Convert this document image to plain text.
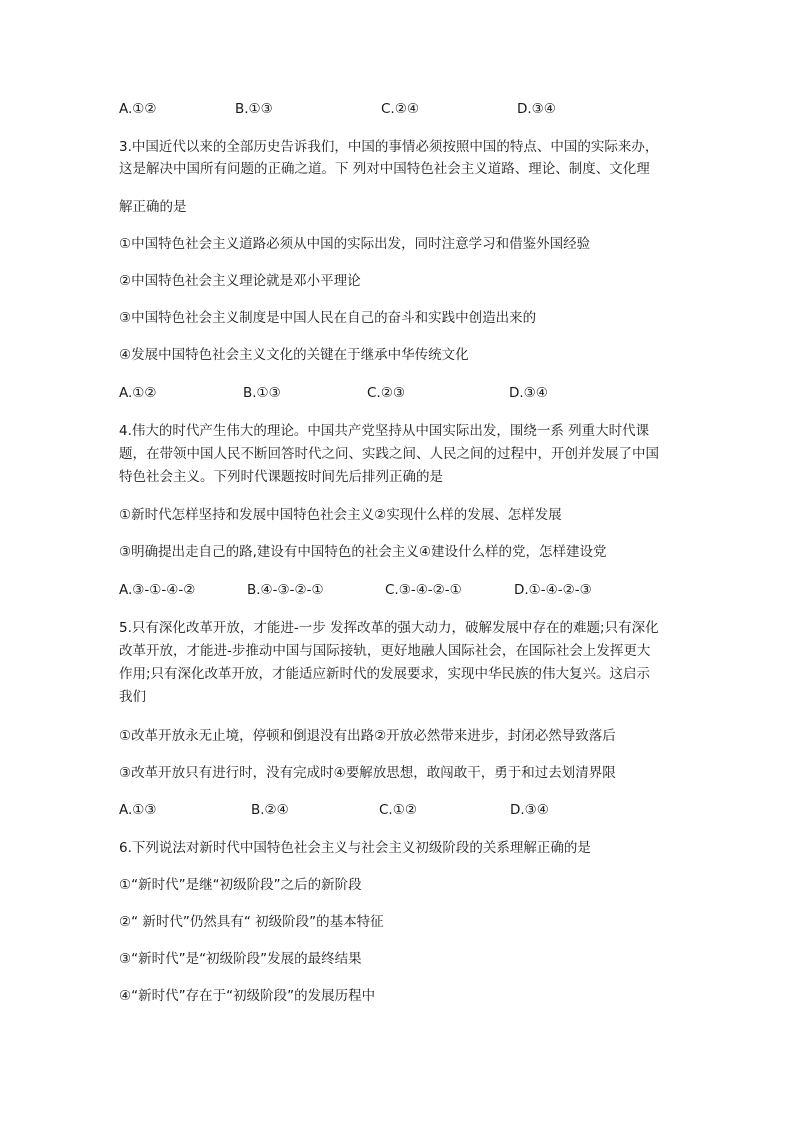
A.①②	B.①③	C.②④	D.③④
3.中国近代以来的全部历史告诉我们，中国的事情必须按照中国的特点、中国的实际来办，
这是解决中国所有问题的正确之道。下 列对中国特色社会主义道路、理论、制度、文化理
解正确的是
①中国特色社会主义道路必须从中国的实际出发，同时注意学习和借鉴外国经验
②中国特色社会主义理论就是邓小平理论
③中国特色社会主义制度是中国人民在自己的奋斗和实践中创造出来的
④发展中国特色社会主义文化的关键在于继承中华传统文化
A.①②	B.①③	C.②③	D.③④
4.伟大的时代产生伟大的理论。中国共产党坚持从中国实际出发，围绕一系 列重大时代课
题，在带领中国人民不断回答时代之问、实践之间、人民之间的过程中，开创并发展了中国
特色社会主义。下列时代课题按时间先后排列正确的是
①新时代怎样坚持和发展中国特色社会主义②实现什么样的发展、怎样发展
③明确提出走自己的路,建设有中国特色的社会主义④建设什么样的党，怎样建设党
A.③-①-④-②	B.④-③-②-①	C.③-④-②-①	D.①-④-②-③
5.只有深化改革开放，才能进-一步 发挥改革的强大动力，破解发展中存在的难题;只有深化
改革开放，才能进-步推动中国与国际接轨，更好地融人国际社会，在国际社会上发挥更大
作用;只有深化改革开放，才能适应新时代的发展要求，实现中华民族的伟大复兴。这启示
我们
①改革开放永无止境，停顿和倒退没有出路②开放必然带来进步，封闭必然导致落后
③改革开放只有进行时，没有完成时④要解放思想，敢闯敢干，勇于和过去划清界限
A.①③	B.②④	C.①②	D.③④
6.下列说法对新时代中国特色社会主义与社会主义初级阶段的关系理解正确的是
①“新时代”是继“初级阶段”之后的新阶段
②“ 新时代”仍然具有“ 初级阶段”的基本特征
③“新时代”是“初级阶段”发展的最终结果
④“新时代”存在于“初级阶段”的发展历程中
